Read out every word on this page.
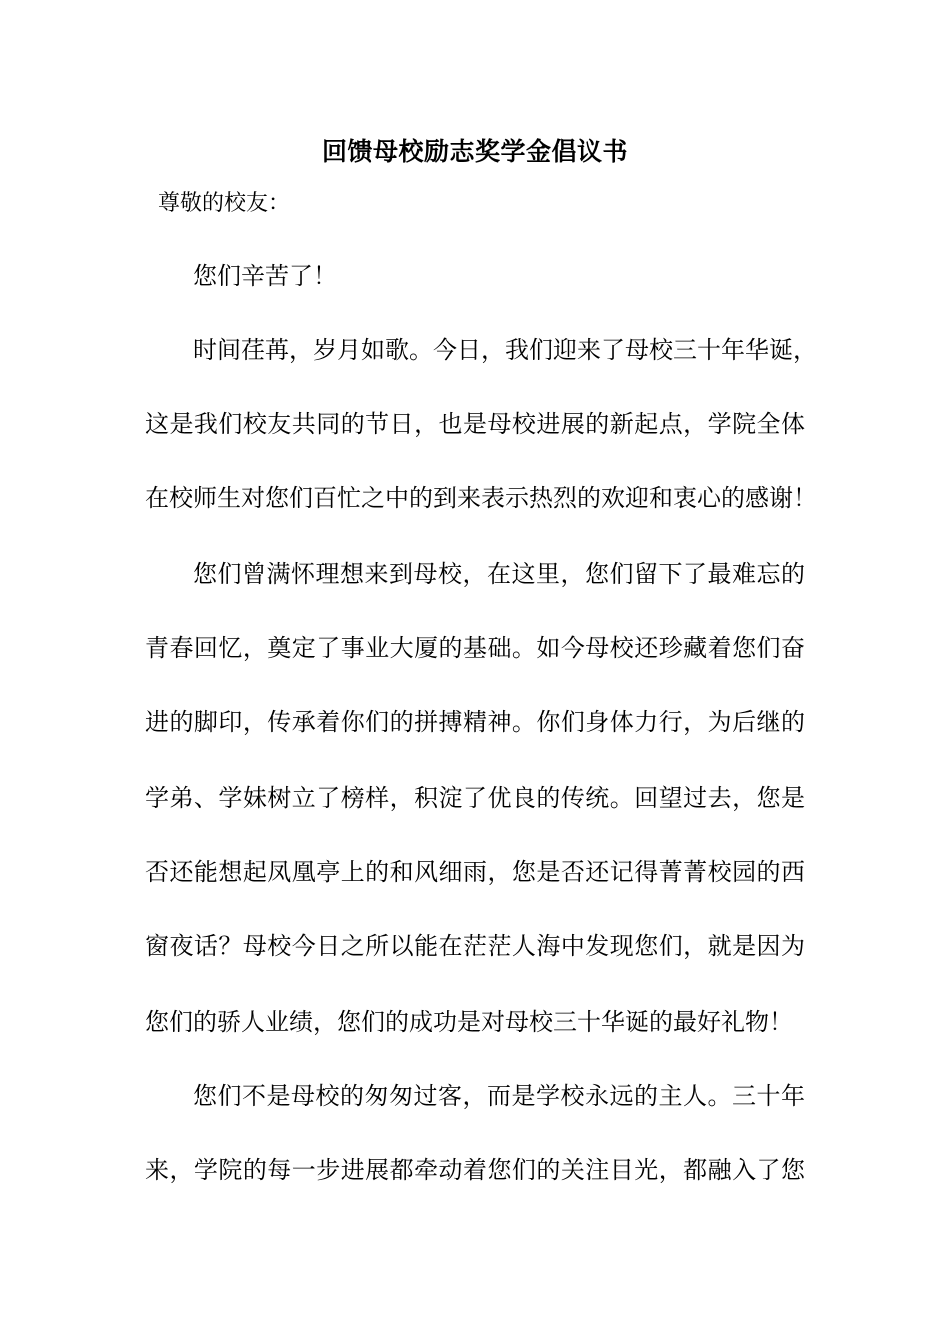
回馈母校励志奖学金倡议书
尊敬的校友：
您们辛苦了！
时间荏苒，岁月如歌。今日，我们迎来了母校三十年华诞，
这是我们校友共同的节日，也是母校进展的新起点，学院全体
在校师生对您们百忙之中的到来表示热烈的欢迎和衷心的感谢！
您们曾满怀理想来到母校，在这里，您们留下了最难忘的
青春回忆，奠定了事业大厦的基础。如今母校还珍藏着您们奋
进的脚印，传承着你们的拼搏精神。你们身体力行，为后继的
学弟、学妹树立了榜样，积淀了优良的传统。回望过去，您是
否还能想起凤凰亭上的和风细雨，您是否还记得菁菁校园的西
窗夜话？母校今日之所以能在茫茫人海中发现您们，就是因为
您们的骄人业绩，您们的成功是对母校三十华诞的最好礼物！
您们不是母校的匆匆过客，而是学校永远的主人。三十年
来，学院的每一步进展都牵动着您们的关注目光，都融入了您
